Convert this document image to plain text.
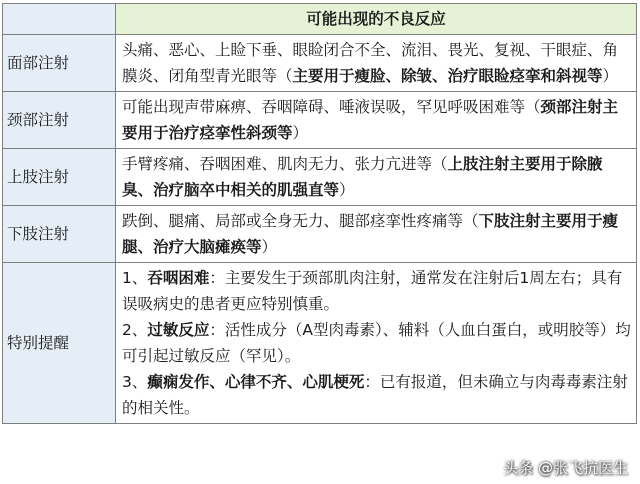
	可能出现的不良反应
面部注射	头痛、恶心、上睑下垂、眼睑闭合不全、流泪、畏光、复视、干眼症、角膜炎、闭角型青光眼等（主要用于瘦脸、除皱、治疗眼睑痉挛和斜视等）
颈部注射	可能出现声带麻痹、吞咽障碍、唾液误吸，罕见呼吸困难等（颈部注射主要用于治疗痉挛性斜颈等）
上肢注射	手臂疼痛、吞咽困难、肌肉无力、张力亢进等（上肢注射主要用于除腋臭、治疗脑卒中相关的肌强直等）
下肢注射	跌倒、腿痛、局部或全身无力、腿部痉挛性疼痛等（下肢注射主要用于瘦腿、治疗大脑瘫痪等）
特别提醒	1、吞咽困难：主要发生于颈部肌肉注射，通常发在注射后1周左右；具有误吸病史的患者更应特别慎重。
2、过敏反应：活性成分（A型肉毒素）、辅料（人血白蛋白，或明胶等）均可引起过敏反应（罕见）。
3、癫痫发作、心律不齐、心肌梗死：已有报道，但未确立与肉毒毒素注射的相关性。
头条 @张飞抗医生
